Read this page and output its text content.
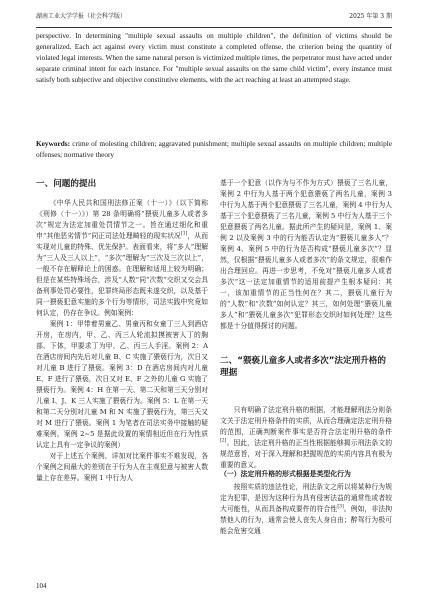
湖南工业大学学报（社会科学版）	2025 年第 3 期
perspective. In determining "multiple sexual assaults on multiple children", the definition of victims should be generalized. Each act against every victim must constitute a completed offense, the criterion being the quantity of violated legal interests. When the same natural person is victimized multiple times, the perpetrator must have acted under separate criminal intent for each instance. For "multiple sexual assaults on the same child victim", every instance must satisfy both subjective and objective constitutive elements, with the act reaching at least an attempted stage.
Keywords: crime of molesting children; aggravated punishment; multiple sexual assaults on multiple children; multiple offenses; normative theory
一、问题的提出

《中华人民共和国刑法修正案（十一）》（以下简称《刑修（十一）》）第 28 条明确将“猥亵儿童多人或者多次”规定为法定加重处罚情节之一。旨在通过细化和重申“其他恶劣情节”同正司法处理畸轻的现实状况[1]，从而实现对儿童的特殊、优先保护。表面看来，将“多人”理解为“三人及三人以上”，“多次”理解为“三次及三次以上”，一般不存在解释论上的困惑。在理解和适用上较为明确；但是在某些特殊场合，涉及“人数”同“次数”交织又交会具备刑事处罚必要性，犯罪终局形态既未遂交织，以及基于同一猥亵犯意实施的多个行为等情形，司法实践中究竟如何认定，仍存在争议。例如案例：

案例 1：甲带着男童乙、男童丙和女童丁三人到酒店开房，在房内，甲、乙、丙三人轮流拟摸被害人丁的胸部、下体，甲要求丁为甲、乙、丙三人手淫。案例 2：A 在酒店房间内先后对儿童 B、C 实施了猥亵行为，次日又对儿童 B 进行了猥亵。案例 3：D 在酒店房间内对儿童 E、F 进行了猥亵，次日又对 E、F 之外的儿童 G 实施了猥亵行为。案例 4：H 在第一天、第二天和第三天分别对儿童 I、J、K 三人实施了猥亵行为。案例 5：L 在第一天和第二天分别对儿童 M 和 N 实施了猥亵行为，第三天又对 M 进行了猥亵。案例 1 为笔者在司法实务中接触的疑难案例，案例 2~5 是据此设置的案情相近但在行为性质认定上具有一定争议的案例）

对于上述五个案例，详加对比案件事实不难发现，各个案例之间最大的差别在于行为人在主观犯意与被害人数量上存在差异。案例 1 中行为人

基于一个犯意（以作为与不作为方式）猥亵了三名儿童，案例 2 中行为人基于两个犯意猥亵了两名儿童，案例 3 中行为人基于两个犯意猥亵了三名儿童，案例 4 中行为人基于三个犯意猥亵了三名儿童，案例 5 中行为人基于三个犯意猥亵了两名儿童。据此所产生的疑问是，案例 1、案例 2 以及案例 3 中的行为能否认定为“猥亵儿童多人”？案例 4、案例 5 中的行为是否构成“猥亵儿童多次”？显然，仅根据“猥亵儿童多人或者多次”的条文规定，很难作出合理回应。再进一步思考，不免对“猥亵儿童多人或者多次”这一法定加重情节的适用前提产生根本疑问：其一，该加重情节的正当性何在？其二，猥亵儿童行为的“人数”和“次数”如何认定？其三，如何处理“猥亵儿童多人”和“猥亵儿童多次”犯罪形态交织时如何处理？这些都是十分值得探讨的问题。

二、“猥亵儿童多人或者多次”法定刑升格的理据

只有明确了法定刑升格的根据，才能理解刑法分则条文关于法定刑升格条件的实质，从而合理确定法定刑升格的范围，正确判断案件事实是否符合法定刑升格的条件[2]。因此，法定刑升格的正当性根据能够揭示刑法条文的规范意旨，对于深入理解和把握规范的实质内容具有极为重要的意义。

（一）法定刑升格的形式根据是类型化行为

按照实质的违法性论，刑法条文之所以将某种行为规定为犯罪，是因为这种行为具有侵害法益的通常性或者较大可能性，从而具备构成要件的符合性[3]。例如，非法拘禁他人的行为，通常会使人丧失人身自由；醉驾行为极可能会危害交通

104
